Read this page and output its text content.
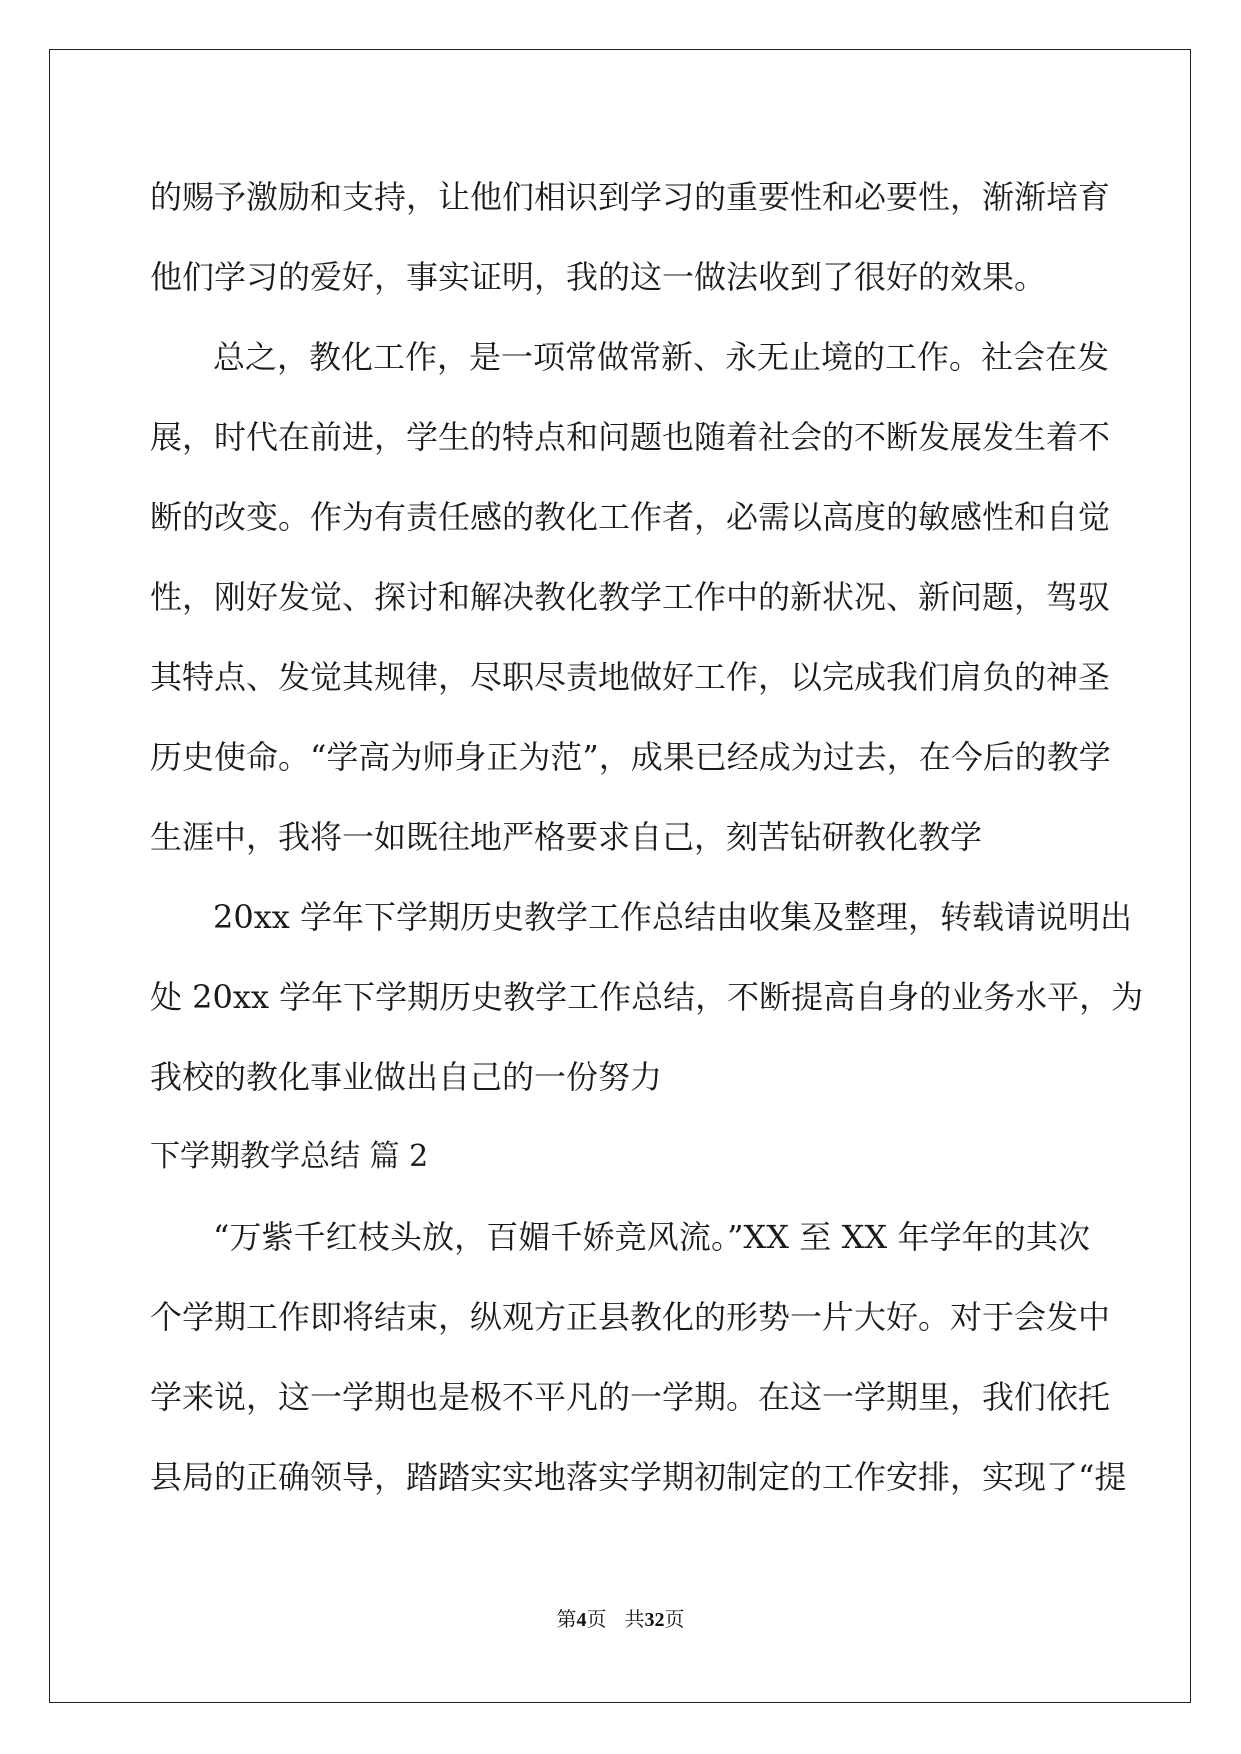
的赐予激励和支持，让他们相识到学习的重要性和必要性，渐渐培育
他们学习的爱好，事实证明，我的这一做法收到了很好的效果。
总之，教化工作，是一项常做常新、永无止境的工作。社会在发
展，时代在前进，学生的特点和问题也随着社会的不断发展发生着不
断的改变。作为有责任感的教化工作者，必需以高度的敏感性和自觉
性，刚好发觉、探讨和解决教化教学工作中的新状况、新问题，驾驭
其特点、发觉其规律，尽职尽责地做好工作，以完成我们肩负的神圣
历史使命。“学高为师身正为范”，成果已经成为过去，在今后的教学
生涯中，我将一如既往地严格要求自己，刻苦钻研教化教学
20xx 学年下学期历史教学工作总结由收集及整理，转载请说明出
处 20xx 学年下学期历史教学工作总结，不断提高自身的业务水平，为
我校的教化事业做出自己的一份努力
下学期教学总结 篇 2
“万紫千红枝头放，百媚千娇竞风流。”XX 至 XX 年学年的其次
个学期工作即将结束，纵观方正县教化的形势一片大好。对于会发中
学来说，这一学期也是极不平凡的一学期。在这一学期里，我们依托
县局的正确领导，踏踏实实地落实学期初制定的工作安排，实现了“提
第4页 共32页
